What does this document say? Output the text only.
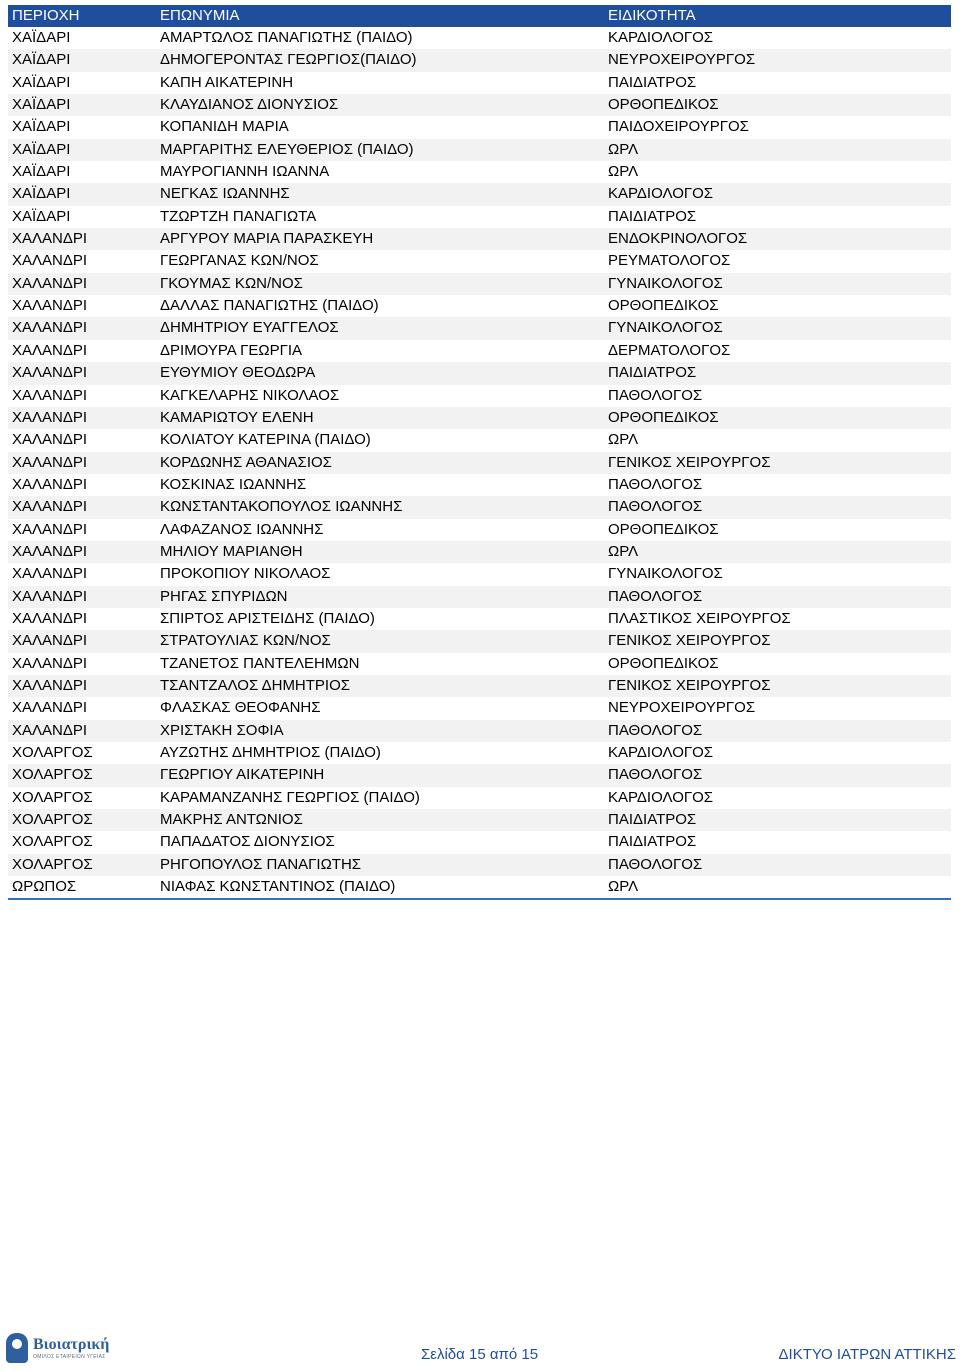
ΠΕΡΙΟΧΗ	ΕΠΩΝΥΜΙΑ	ΕΙΔΙΚΟΤΗΤΑ
ΧΑΪΔΑΡΙ	ΑΜΑΡΤΩΛΟΣ ΠΑΝΑΓΙΩΤΗΣ (ΠΑΙΔΟ)	ΚΑΡΔΙΟΛΟΓΟΣ
ΧΑΪΔΑΡΙ	ΔΗΜΟΓΕΡΟΝΤΑΣ ΓΕΩΡΓΙΟΣ(ΠΑΙΔΟ)	ΝΕΥΡΟΧΕΙΡΟΥΡΓΟΣ
ΧΑΪΔΑΡΙ	ΚΑΠΗ ΑΙΚΑΤΕΡΙΝΗ	ΠΑΙΔΙΑΤΡΟΣ
ΧΑΪΔΑΡΙ	ΚΛΑΥΔΙΑΝΟΣ ΔΙΟΝΥΣΙΟΣ	ΟΡΘΟΠΕΔΙΚΟΣ
ΧΑΪΔΑΡΙ	ΚΟΠΑΝΙΔΗ ΜΑΡΙΑ	ΠΑΙΔΟΧΕΙΡΟΥΡΓΟΣ
ΧΑΪΔΑΡΙ	ΜΑΡΓΑΡΙΤΗΣ ΕΛΕΥΘΕΡΙΟΣ (ΠΑΙΔΟ)	ΩΡΛ
ΧΑΪΔΑΡΙ	ΜΑΥΡΟΓΙΑΝΝΗ ΙΩΑΝΝΑ	ΩΡΛ
ΧΑΪΔΑΡΙ	ΝΕΓΚΑΣ ΙΩΑΝΝΗΣ	ΚΑΡΔΙΟΛΟΓΟΣ
ΧΑΪΔΑΡΙ	ΤΖΩΡΤΖΗ ΠΑΝΑΓΙΩΤΑ	ΠΑΙΔΙΑΤΡΟΣ
ΧΑΛΑΝΔΡΙ	ΑΡΓΥΡΟΥ ΜΑΡΙΑ ΠΑΡΑΣΚΕΥΗ	ΕΝΔΟΚΡΙΝΟΛΟΓΟΣ
ΧΑΛΑΝΔΡΙ	ΓΕΩΡΓΑΝΑΣ ΚΩΝ/ΝΟΣ	ΡΕΥΜΑΤΟΛΟΓΟΣ
ΧΑΛΑΝΔΡΙ	ΓΚΟΥΜΑΣ ΚΩΝ/ΝΟΣ	ΓΥΝΑΙΚΟΛΟΓΟΣ
ΧΑΛΑΝΔΡΙ	ΔΑΛΛΑΣ ΠΑΝΑΓΙΩΤΗΣ (ΠΑΙΔΟ)	ΟΡΘΟΠΕΔΙΚΟΣ
ΧΑΛΑΝΔΡΙ	ΔΗΜΗΤΡΙΟΥ ΕΥΑΓΓΕΛΟΣ	ΓΥΝΑΙΚΟΛΟΓΟΣ
ΧΑΛΑΝΔΡΙ	ΔΡΙΜΟΥΡΑ ΓΕΩΡΓΙΑ	ΔΕΡΜΑΤΟΛΟΓΟΣ
ΧΑΛΑΝΔΡΙ	ΕΥΘΥΜΙΟΥ ΘΕΟΔΩΡΑ	ΠΑΙΔΙΑΤΡΟΣ
ΧΑΛΑΝΔΡΙ	ΚΑΓΚΕΛΑΡΗΣ ΝΙΚΟΛΑΟΣ	ΠΑΘΟΛΟΓΟΣ
ΧΑΛΑΝΔΡΙ	ΚΑΜΑΡΙΩΤΟΥ ΕΛΕΝΗ	ΟΡΘΟΠΕΔΙΚΟΣ
ΧΑΛΑΝΔΡΙ	ΚΟΛΙΑΤΟΥ ΚΑΤΕΡΙΝΑ (ΠΑΙΔΟ)	ΩΡΛ
ΧΑΛΑΝΔΡΙ	ΚΟΡΔΩΝΗΣ ΑΘΑΝΑΣΙΟΣ	ΓΕΝΙΚΟΣ ΧΕΙΡΟΥΡΓΟΣ
ΧΑΛΑΝΔΡΙ	ΚΟΣΚΙΝΑΣ ΙΩΑΝΝΗΣ	ΠΑΘΟΛΟΓΟΣ
ΧΑΛΑΝΔΡΙ	ΚΩΝΣΤΑΝΤΑΚΟΠΟΥΛΟΣ ΙΩΑΝΝΗΣ	ΠΑΘΟΛΟΓΟΣ
ΧΑΛΑΝΔΡΙ	ΛΑΦΑΖΑΝΟΣ ΙΩΑΝΝΗΣ	ΟΡΘΟΠΕΔΙΚΟΣ
ΧΑΛΑΝΔΡΙ	ΜΗΛΙΟΥ ΜΑΡΙΑΝΘΗ	ΩΡΛ
ΧΑΛΑΝΔΡΙ	ΠΡΟΚΟΠΙΟΥ ΝΙΚΟΛΑΟΣ	ΓΥΝΑΙΚΟΛΟΓΟΣ
ΧΑΛΑΝΔΡΙ	ΡΗΓΑΣ ΣΠΥΡΙΔΩΝ	ΠΑΘΟΛΟΓΟΣ
ΧΑΛΑΝΔΡΙ	ΣΠΙΡΤΟΣ ΑΡΙΣΤΕΙΔΗΣ (ΠΑΙΔΟ)	ΠΛΑΣΤΙΚΟΣ ΧΕΙΡΟΥΡΓΟΣ
ΧΑΛΑΝΔΡΙ	ΣΤΡΑΤΟΥΛΙΑΣ ΚΩΝ/ΝΟΣ	ΓΕΝΙΚΟΣ ΧΕΙΡΟΥΡΓΟΣ
ΧΑΛΑΝΔΡΙ	ΤΖΑΝΕΤΟΣ ΠΑΝΤΕΛΕΗΜΩΝ	ΟΡΘΟΠΕΔΙΚΟΣ
ΧΑΛΑΝΔΡΙ	ΤΣΑΝΤΖΑΛΟΣ ΔΗΜΗΤΡΙΟΣ	ΓΕΝΙΚΟΣ ΧΕΙΡΟΥΡΓΟΣ
ΧΑΛΑΝΔΡΙ	ΦΛΑΣΚΑΣ ΘΕΟΦΑΝΗΣ	ΝΕΥΡΟΧΕΙΡΟΥΡΓΟΣ
ΧΑΛΑΝΔΡΙ	ΧΡΙΣΤΑΚΗ ΣΟΦΙΑ	ΠΑΘΟΛΟΓΟΣ
ΧΟΛΑΡΓΟΣ	ΑΥΖΩΤΗΣ ΔΗΜΗΤΡΙΟΣ (ΠΑΙΔΟ)	ΚΑΡΔΙΟΛΟΓΟΣ
ΧΟΛΑΡΓΟΣ	ΓΕΩΡΓΙΟΥ ΑΙΚΑΤΕΡΙΝΗ	ΠΑΘΟΛΟΓΟΣ
ΧΟΛΑΡΓΟΣ	ΚΑΡΑΜΑΝΖΑΝΗΣ ΓΕΩΡΓΙΟΣ (ΠΑΙΔΟ)	ΚΑΡΔΙΟΛΟΓΟΣ
ΧΟΛΑΡΓΟΣ	ΜΑΚΡΗΣ ΑΝΤΩΝΙΟΣ	ΠΑΙΔΙΑΤΡΟΣ
ΧΟΛΑΡΓΟΣ	ΠΑΠΑΔΑΤΟΣ ΔΙΟΝΥΣΙΟΣ	ΠΑΙΔΙΑΤΡΟΣ
ΧΟΛΑΡΓΟΣ	ΡΗΓΟΠΟΥΛΟΣ ΠΑΝΑΓΙΩΤΗΣ	ΠΑΘΟΛΟΓΟΣ
ΩΡΩΠΟΣ	ΝΙΑΦΑΣ ΚΩΝΣΤΑΝΤΙΝΟΣ (ΠΑΙΔΟ)	ΩΡΛ
Βιοιατρική
ΟΜΙΛΟΣ ΕΤΑΙΡΕΙΩΝ ΥΓΕΙΑΣ	Σελίδα 15 από 15	ΔΙΚΤΥΟ ΙΑΤΡΩΝ ΑΤΤΙΚΗΣ
